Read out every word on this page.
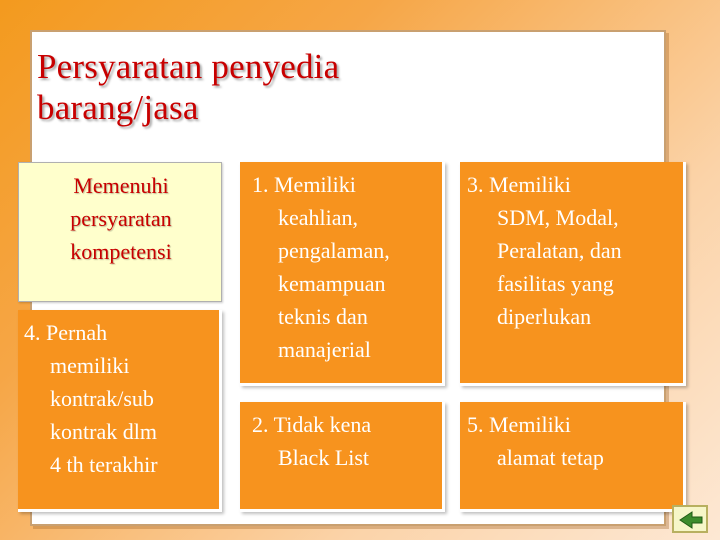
Persyaratan penyedia
barang/jasa
Memenuhi
persyaratan
kompetensi
1. Memiliki
keahlian,
pengalaman,
kemampuan
teknis dan
manajerial
3. Memiliki
SDM, Modal,
Peralatan, dan
fasilitas yang
diperlukan
4. Pernah
memiliki
kontrak/sub
kontrak dlm
4 th terakhir
2. Tidak kena
Black List
5. Memiliki
alamat tetap
